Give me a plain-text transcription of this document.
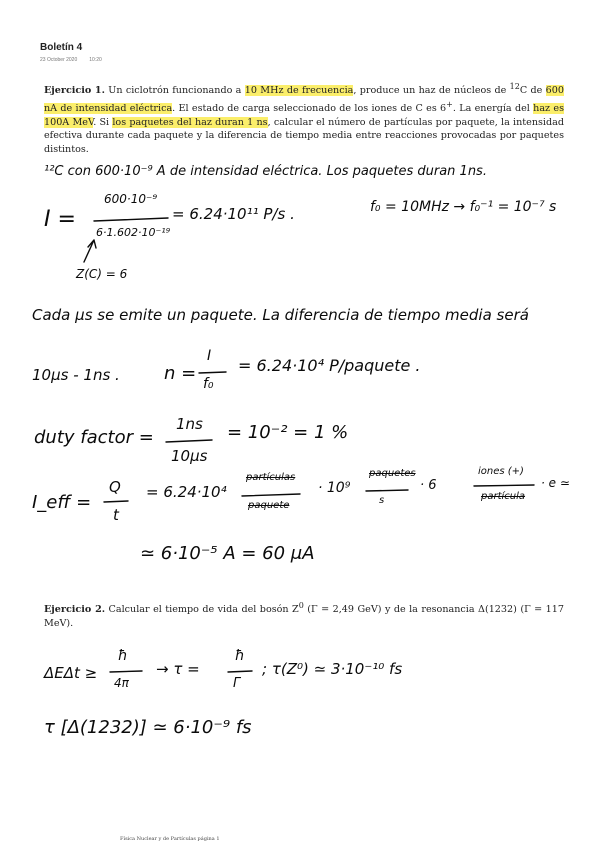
Boletín 4
23 October 2020 10:20
Ejercicio 1. Un ciclotrón funcionando a 10 MHz de frecuencia, produce un haz de núcleos de $^{12}$C de 600 nA de intensidad eléctrica. El estado de carga seleccionado de los iones de C es 6+. La energía del haz es 100A MeV. Si los paquetes del haz duran 1 ns, calcular el número de partículas por paquete, la intensidad efectiva durante cada paquete y la diferencia de tiempo media entre reacciones provocadas por paquetes distintos.
¹²C con 600·10⁻⁹ A de intensidad eléctrica. Los paquetes duran 1ns.
I =
600·10⁻⁹
6·1.602·10⁻¹⁹
= 6.24·10¹¹ P/s .	f₀ = 10MHz → f₀⁻¹ = 10⁻⁷ s
Z(C) = 6
Cada μs se emite un paquete. La diferencia de tiempo media será
10μs - 1ns . n =
I
f₀
= 6.24·10⁴ P/paquete .
duty factor =
1ns
10μs
= 10⁻² = 1 %
I_eff =
Q
t
= 6.24·10⁴
partículas
paquete
· 10⁹
paquetes
s
· 6
iones (+)
partícula
· e ≃
≃ 6·10⁻⁵ A = 60 μA
Ejercicio 2. Calcular el tiempo de vida del bosón $Z^0$ (Γ = 2,49 GeV) y de la resonancia Δ(1232) (Γ = 117 MeV).
ΔEΔt ≥
ħ
4π
→ τ =
ħ
Γ
; τ(Z⁰) ≃ 3·10⁻¹⁰ fs
τ [Δ(1232)] ≃ 6·10⁻⁹ fs
Física Nuclear y de Partículas página 1
